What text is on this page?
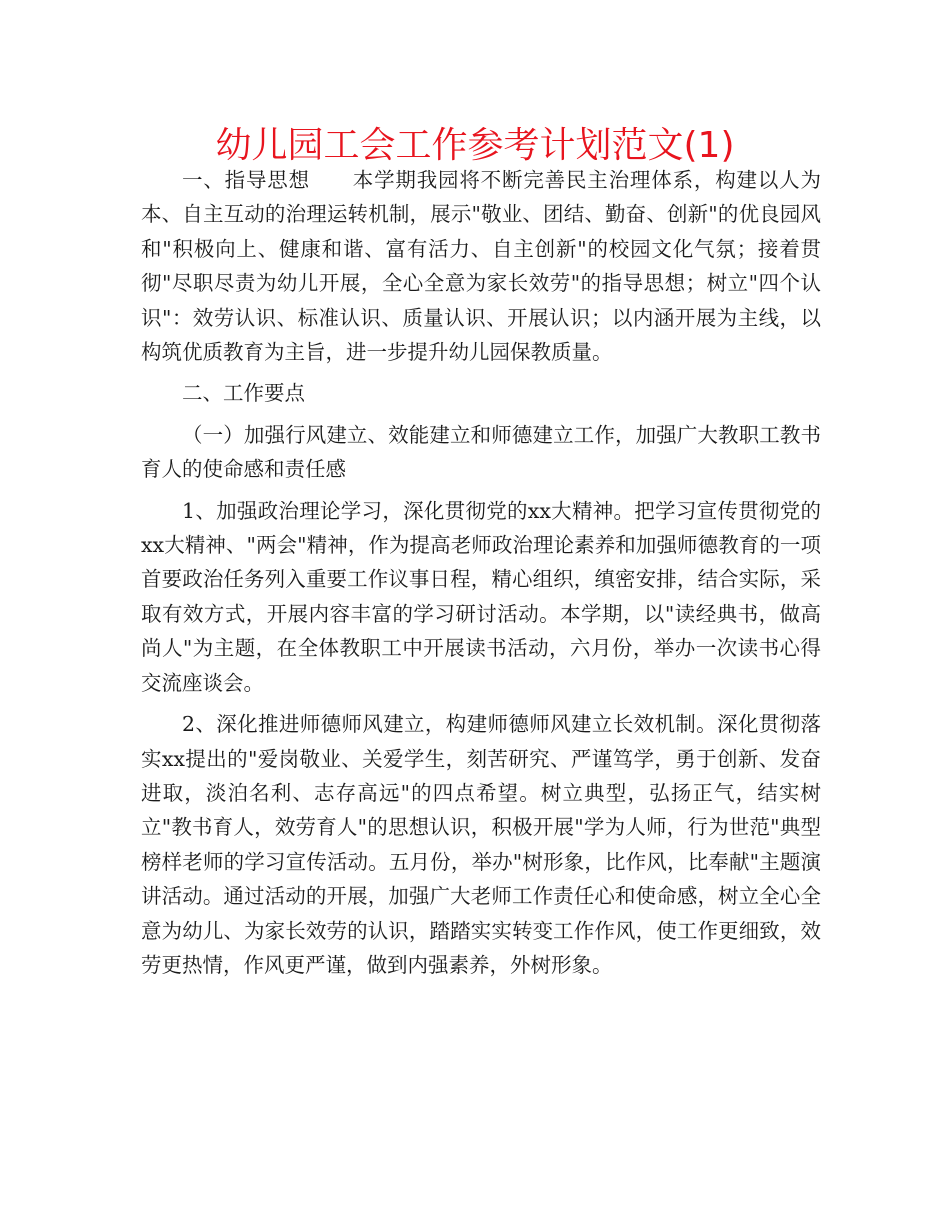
幼儿园工会工作参考计划范文(1)

一、指导思想 本学期我园将不断完善民主治理体系，构建以人为本、自主互动的治理运转机制，展示"敬业、团结、勤奋、创新"的优良园风和"积极向上、健康和谐、富有活力、自主创新"的校园文化气氛；接着贯彻"尽职尽责为幼儿开展，全心全意为家长效劳"的指导思想；树立"四个认识"：效劳认识、标准认识、质量认识、开展认识；以内涵开展为主线，以构筑优质教育为主旨，进一步提升幼儿园保教质量。

二、工作要点

（一）加强行风建立、效能建立和师德建立工作，加强广大教职工教书育人的使命感和责任感

1、加强政治理论学习，深化贯彻党的xx大精神。把学习宣传贯彻党的xx大精神、"两会"精神，作为提高老师政治理论素养和加强师德教育的一项首要政治任务列入重要工作议事日程，精心组织，缜密安排，结合实际，采取有效方式，开展内容丰富的学习研讨活动。本学期，以"读经典书，做高尚人"为主题，在全体教职工中开展读书活动，六月份，举办一次读书心得交流座谈会。

2、深化推进师德师风建立，构建师德师风建立长效机制。深化贯彻落实xx提出的"爱岗敬业、关爱学生，刻苦研究、严谨笃学，勇于创新、发奋进取，淡泊名利、志存高远"的四点希望。树立典型，弘扬正气，结实树立"教书育人，效劳育人"的思想认识，积极开展"学为人师，行为世范"典型榜样老师的学习宣传活动。五月份，举办"树形象，比作风，比奉献"主题演讲活动。通过活动的开展，加强广大老师工作责任心和使命感，树立全心全意为幼儿、为家长效劳的认识，踏踏实实转变工作作风，使工作更细致，效劳更热情，作风更严谨，做到内强素养，外树形象。
